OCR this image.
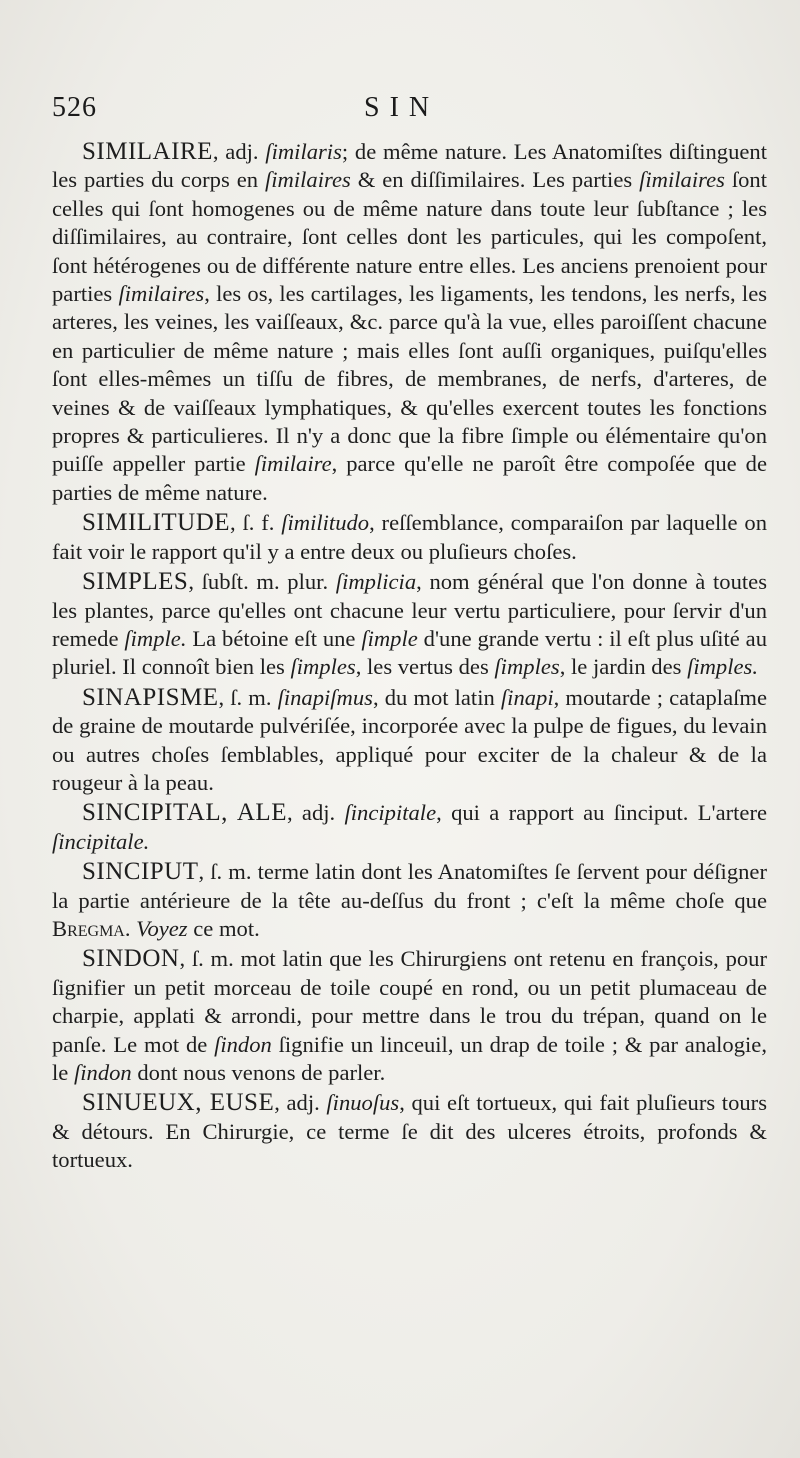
526	SIN

SIMILAIRE, adj. ſimilaris; de même nature. Les Anatomiſtes diſtinguent les parties du corps en ſimilaires & en diſſimilaires. Les parties ſimilaires ſont celles qui ſont homogenes ou de même nature dans toute leur ſubſtance ; les diſſimilaires, au contraire, ſont celles dont les particules, qui les compoſent, ſont hétérogenes ou de différente nature entre elles. Les anciens prenoient pour parties ſimilaires, les os, les cartilages, les ligaments, les tendons, les nerfs, les arteres, les veines, les vaiſſeaux, &c. parce qu'à la vue, elles paroiſſent chacune en particulier de même nature ; mais elles ſont auſſi organiques, puiſqu'elles ſont elles-mêmes un tiſſu de fibres, de membranes, de nerfs, d'arteres, de veines & de vaiſſeaux lymphatiques, & qu'elles exercent toutes les fonctions propres & particulieres. Il n'y a donc que la fibre ſimple ou élémentaire qu'on puiſſe appeller partie ſimilaire, parce qu'elle ne paroît être compoſée que de parties de même nature.

SIMILITUDE, ſ. f. ſimilitudo, reſſemblance, comparaiſon par laquelle on fait voir le rapport qu'il y a entre deux ou pluſieurs choſes.

SIMPLES, ſubſt. m. plur. ſimplicia, nom général que l'on donne à toutes les plantes, parce qu'elles ont chacune leur vertu particuliere, pour ſervir d'un remede ſimple. La bétoine eſt une ſimple d'une grande vertu : il eſt plus uſité au pluriel. Il connoît bien les ſimples, les vertus des ſimples, le jardin des ſimples.

SINAPISME, ſ. m. ſinapiſmus, du mot latin ſinapi, moutarde ; cataplaſme de graine de moutarde pulvériſée, incorporée avec la pulpe de figues, du levain ou autres choſes ſemblables, appliqué pour exciter de la chaleur & de la rougeur à la peau.

SINCIPITAL, ALE, adj. ſincipitale, qui a rapport au ſinciput. L'artere ſincipitale.

SINCIPUT, ſ. m. terme latin dont les Anatomiſtes ſe ſervent pour déſigner la partie antérieure de la tête au-deſſus du front ; c'eſt la même choſe que Bregma. Voyez ce mot.

SINDON, ſ. m. mot latin que les Chirurgiens ont retenu en françois, pour ſignifier un petit morceau de toile coupé en rond, ou un petit plumaceau de charpie, applati & arrondi, pour mettre dans le trou du trépan, quand on le panſe. Le mot de ſindon ſignifie un linceuil, un drap de toile ; & par analogie, le ſindon dont nous venons de parler.

SINUEUX, EUSE, adj. ſinuoſus, qui eſt tortueux, qui fait pluſieurs tours & détours. En Chirurgie, ce terme ſe dit des ulceres étroits, profonds & tortueux.
